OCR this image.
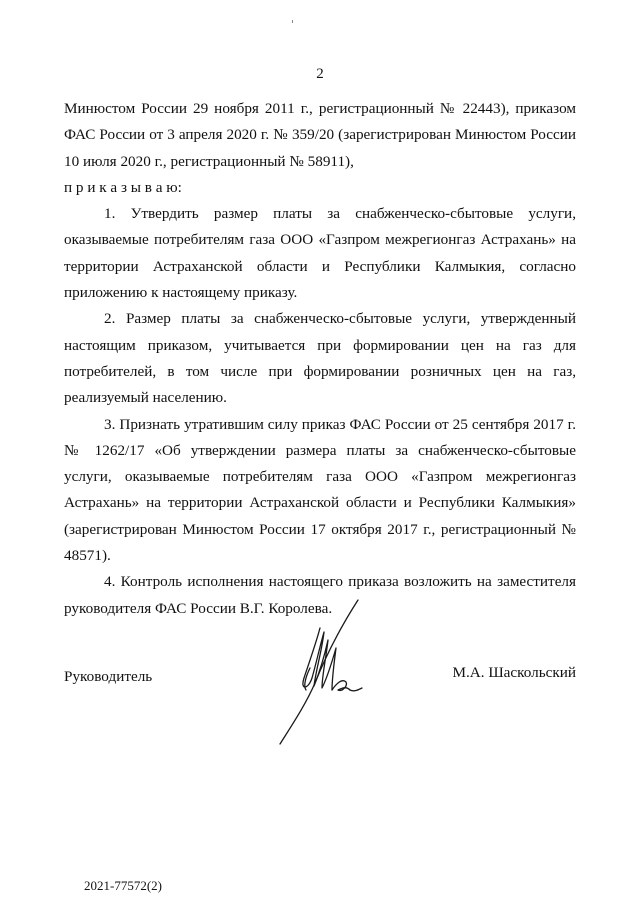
2

Минюстом России 29 ноября 2011 г., регистрационный № 22443), приказом ФАС России от 3 апреля 2020 г. № 359/20 (зарегистрирован Минюстом России 10 июля 2020 г., регистрационный № 58911),

п р и к а з ы в а ю:

1. Утвердить размер платы за снабженческо-сбытовые услуги, оказываемые потребителям газа ООО «Газпром межрегионгаз Астрахань» на территории Астраханской области и Республики Калмыкия, согласно приложению к настоящему приказу.

2. Размер платы за снабженческо-сбытовые услуги, утвержденный настоящим приказом, учитывается при формировании цен на газ для потребителей, в том числе при формировании розничных цен на газ, реализуемый населению.

3. Признать утратившим силу приказ ФАС России от 25 сентября 2017 г. № 1262/17 «Об утверждении размера платы за снабженческо-сбытовые услуги, оказываемые потребителям газа ООО «Газпром межрегионгаз Астрахань» на территории Астраханской области и Республики Калмыкия» (зарегистрирован Минюстом России 17 октября 2017 г., регистрационный № 48571).

4. Контроль исполнения настоящего приказа возложить на заместителя руководителя ФАС России В.Г. Королева.

Руководитель	М.А. Шаскольский
2021-77572(2)
